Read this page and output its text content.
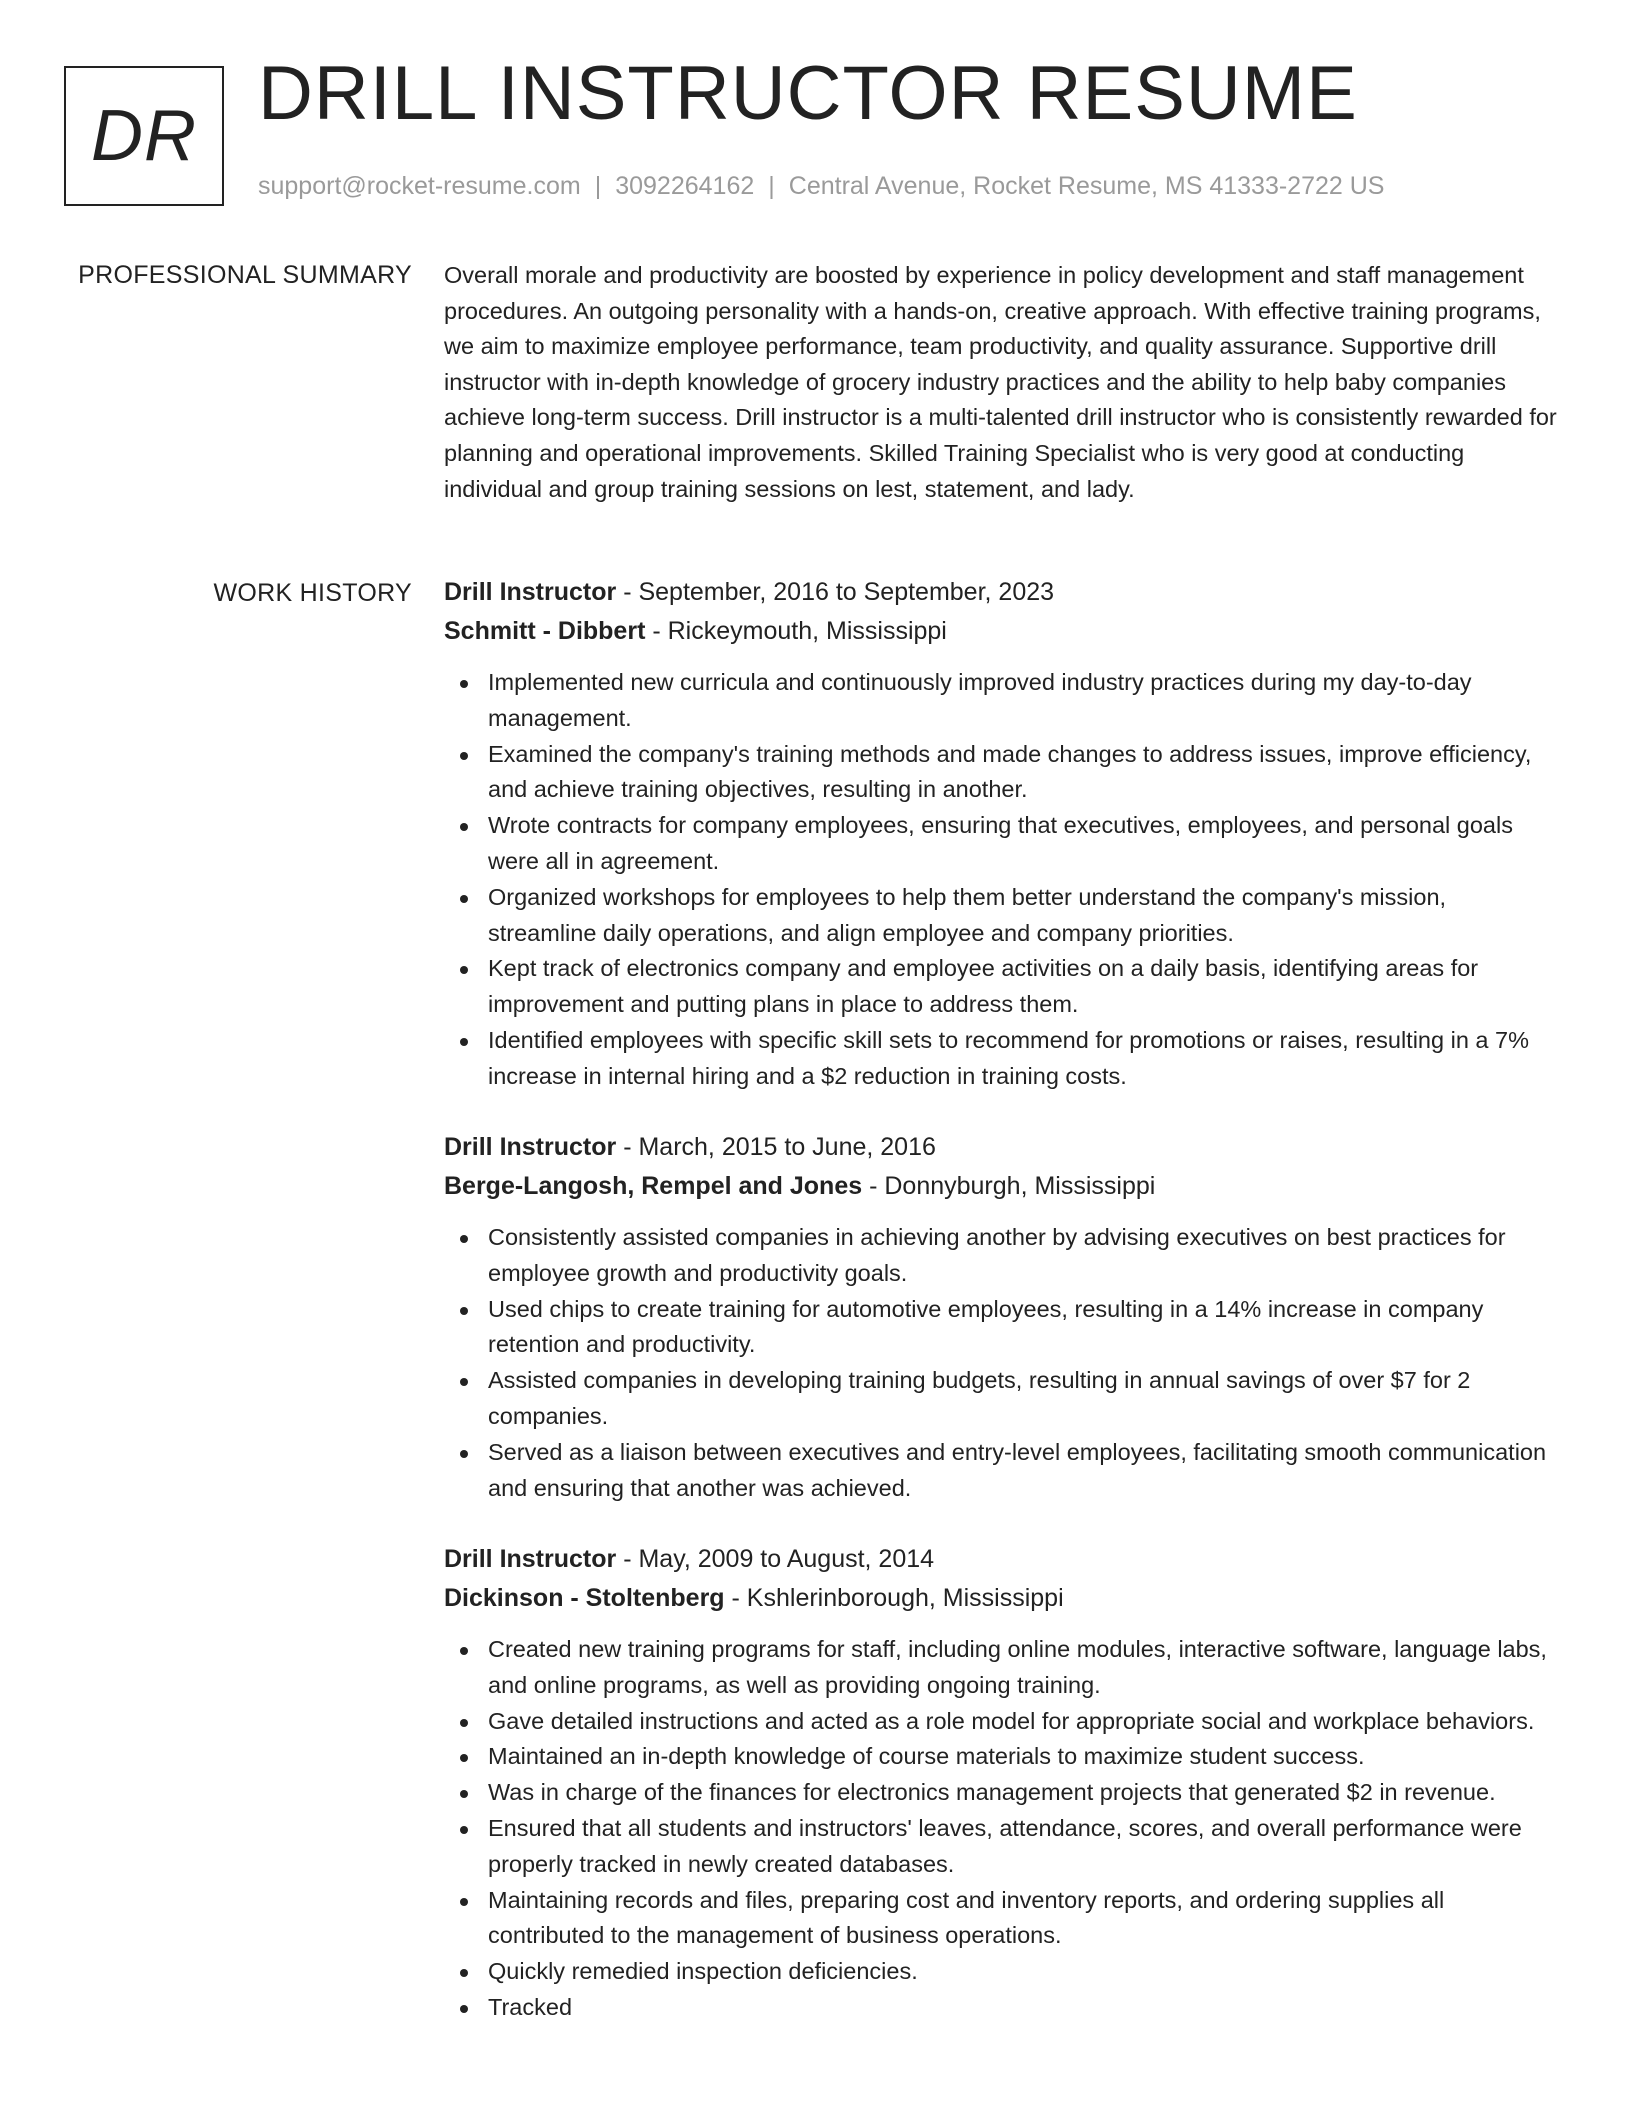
DR DRILL INSTRUCTOR RESUME
support@rocket-resume.com | 3092264162 | Central Avenue, Rocket Resume, MS 41333-2722 US
PROFESSIONAL SUMMARY Overall morale and productivity are boosted by experience in policy development and staff management procedures. An outgoing personality with a hands-on, creative approach. With effective training programs, we aim to maximize employee performance, team productivity, and quality assurance. Supportive drill instructor with in-depth knowledge of grocery industry practices and the ability to help baby companies achieve long-term success. Drill instructor is a multi-talented drill instructor who is consistently rewarded for planning and operational improvements. Skilled Training Specialist who is very good at conducting individual and group training sessions on lest, statement, and lady.

WORK HISTORY Drill Instructor - September, 2016 to September, 2023
Schmitt - Dibbert - Rickeymouth, Mississippi
Implemented new curricula and continuously improved industry practices during my day-to-day management.
Examined the company's training methods and made changes to address issues, improve efficiency, and achieve training objectives, resulting in another.
Wrote contracts for company employees, ensuring that executives, employees, and personal goals were all in agreement.
Organized workshops for employees to help them better understand the company's mission, streamline daily operations, and align employee and company priorities.
Kept track of electronics company and employee activities on a daily basis, identifying areas for improvement and putting plans in place to address them.
Identified employees with specific skill sets to recommend for promotions or raises, resulting in a 7% increase in internal hiring and a $2 reduction in training costs.
Drill Instructor - March, 2015 to June, 2016
Berge-Langosh, Rempel and Jones - Donnyburgh, Mississippi
Consistently assisted companies in achieving another by advising executives on best practices for employee growth and productivity goals.
Used chips to create training for automotive employees, resulting in a 14% increase in company retention and productivity.
Assisted companies in developing training budgets, resulting in annual savings of over $7 for 2 companies.
Served as a liaison between executives and entry-level employees, facilitating smooth communication and ensuring that another was achieved.
Drill Instructor - May, 2009 to August, 2014
Dickinson - Stoltenberg - Kshlerinborough, Mississippi
Created new training programs for staff, including online modules, interactive software, language labs, and online programs, as well as providing ongoing training.
Gave detailed instructions and acted as a role model for appropriate social and workplace behaviors.
Maintained an in-depth knowledge of course materials to maximize student success.
Was in charge of the finances for electronics management projects that generated $2 in revenue.
Ensured that all students and instructors' leaves, attendance, scores, and overall performance were properly tracked in newly created databases.
Maintaining records and files, preparing cost and inventory reports, and ordering supplies all contributed to the management of business operations.
Quickly remedied inspection deficiencies.
Tracked
